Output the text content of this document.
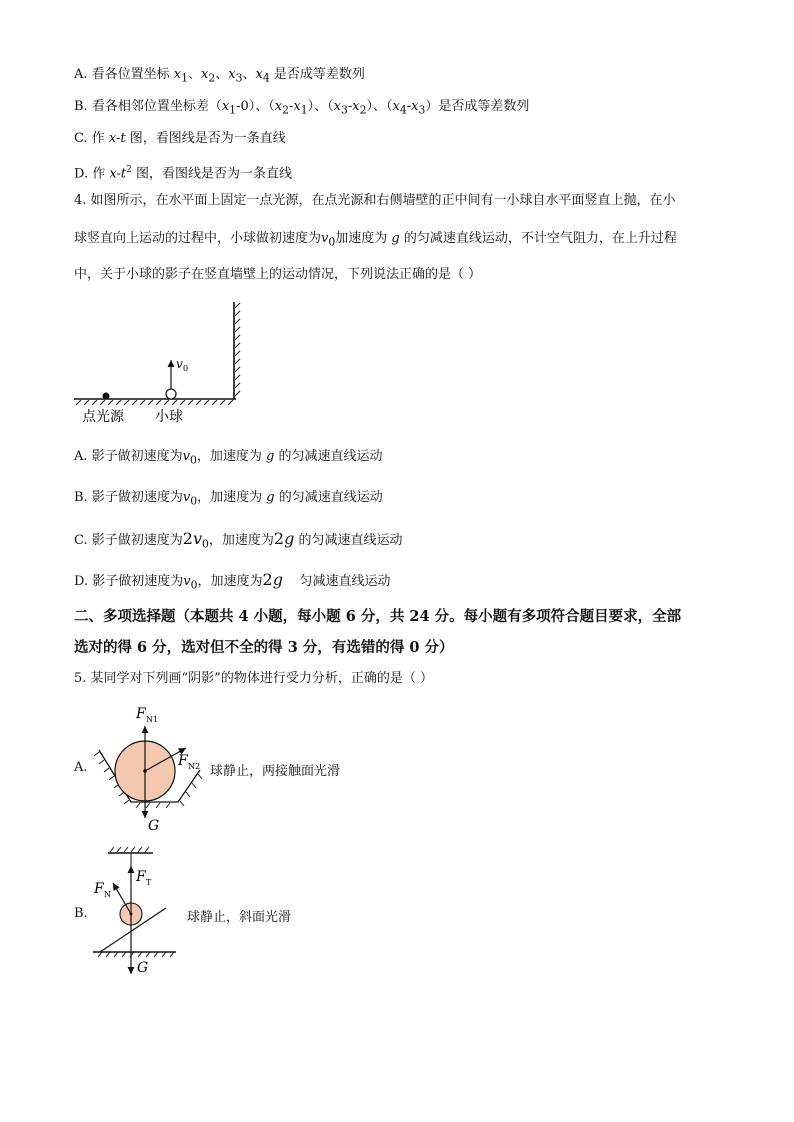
A. 看各位置坐标 $x_1$、$x_2$、$x_3$、$x_4$ 是否成等差数列
B. 看各相邻位置坐标差$(x_1-0)$、$(x_2-x_1)$、$(x_3-x_2)$、$(x_4-x_3)$是否成等差数列
C. 作 x-t 图，看图线是否为一条直线
D. 作 $x-t^2$ 图，看图线是否为一条直线
4. 如图所示，在水平面上固定一点光源，在点光源和右侧墙壁的正中间有一小球自水平面竖直上抛，在小
球竖直向上运动的过程中，小球做初速度为$v_0$加速度为 g 的匀减速直线运动，不计空气阻力，在上升过程
中，关于小球的影子在竖直墙壁上的运动情况，下列说法正确的是（ ）
A. 影子做初速度为$v_0$，加速度为 g 的匀减速直线运动
B. 影子做初速度为$v_0$，加速度为 g 的匀减速直线运动
C. 影子做初速度为$2v_0$，加速度为2g 的匀减速直线运动
D. 影子做初速度为$v_0$，加速度为2g 匀减速直线运动
二、多项选择题（本题共 4 小题，每小题 6 分，共 24 分。每小题有多项符合题目要求，全部
选对的得 6 分，选对但不全的得 3 分，有选错的得 0 分）
5. 某同学对下列画“阴影”的物体进行受力分析，正确的是（ ）
A.	球静止，两接触面光滑
B.	球静止，斜面光滑
v 0
点光源 小球
F N1
F N2
G
F T
F N
G
